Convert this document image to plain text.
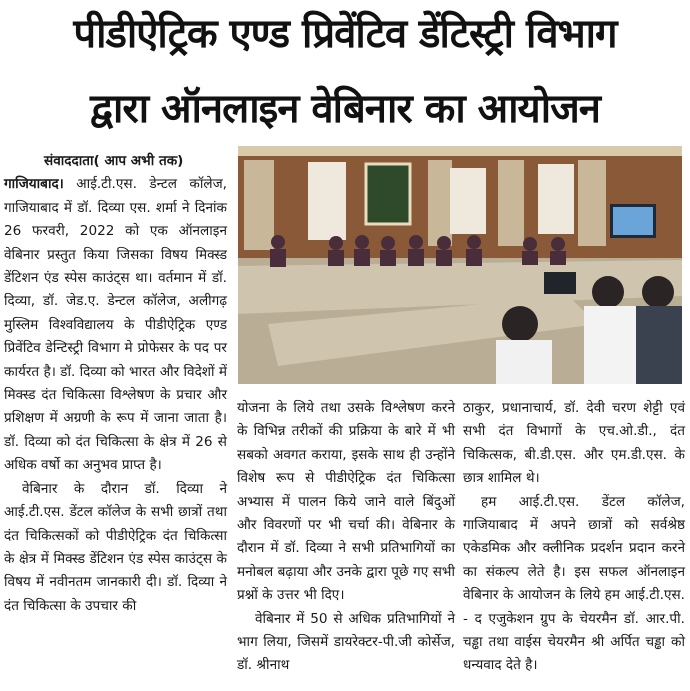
पीडीऐट्रिक एण्ड प्रिवेंटिव डेंटिस्ट्री विभाग
द्वारा ऑनलाइन वेबिनार का आयोजन
संवाददाता( आप अभी तक)

गाजियाबाद। आई.टी.एस. डेन्टल कॉलेज, गाजियाबाद में डॉ. दिव्या एस. शर्मा ने दिनांक 26 फरवरी, 2022 को एक ऑनलाइन वेबिनार प्रस्तुत किया जिसका विषय मिक्स्ड डेंटिशन एंड स्पेस काउंट्स था। वर्तमान में डॉ. दिव्या, डॉ. जेड.ए. डेन्टल कॉलेज, अलीगढ़ मुस्लिम विश्वविद्यालय के पीडीऐट्रिक एण्ड प्रिवेंटिव डेन्टिस्ट्री विभाग मे प्रोफेसर के पद पर कार्यरत है। डॉ. दिव्या को भारत और विदेशों में मिक्स्ड दंत चिकित्सा विश्लेषण के प्रचार और प्रशिक्षण में अग्रणी के रूप में जाना जाता है। डॉ. दिव्या को दंत चिकित्सा के क्षेत्र में 26 से अधिक वर्षो का अनुभव प्राप्त है।

वेबिनार के दौरान डॉ. दिव्या ने आई.टी.एस. डेंटल कॉलेज के सभी छात्रों तथा दंत चिकित्सकों को पीडीऐट्रिक दंत चिकित्सा के क्षेत्र में मिक्स्ड डेंटिशन एंड स्पेस काउंट्स के विषय में नवीनतम जानकारी दी। डॉ. दिव्या ने दंत चिकित्सा के उपचार की

योजना के लिये तथा उसके विश्लेषण करने के विभिन्न तरीकों की प्रक्रिया के बारे में भी सबको अवगत कराया, इसके साथ ही उन्होंने विशेष रूप से पीडीऐट्रिक दंत चिकित्सा अभ्यास में पालन किये जाने वाले बिंदुओं और विवरणों पर भी चर्चा की। वेबिनार के दौरान में डॉ. दिव्या ने सभी प्रतिभागियों का मनोबल बढ़ाया और उनके द्वारा पूछे गए सभी प्रश्नों के उत्तर भी दिए।

वेबिनार में 50 से अधिक प्रतिभागियों ने भाग लिया, जिसमें डायरेक्टर-पी.जी कोर्सेज, डॉ. श्रीनाथ

ठाकुर, प्रधानाचार्य, डॉ. देवी चरण शेट्टी एवं सभी दंत विभागों के एच.ओ.डी., दंत चिकित्सक, बी.डी.एस. और एम.डी.एस. के छात्र शामिल थे।

हम आई.टी.एस. डेंटल कॉलेज, गाजियाबाद में अपने छात्रों को सर्वश्रेष्ठ एकेडमिक और क्लीनिक प्रदर्शन प्रदान करने का संकल्प लेते है। इस सफल ऑनलाइन वेबिनार के आयोजन के लिये हम आई.टी.एस. - द एजुकेशन ग्रुप के चेयरमैन डॉ. आर.पी. चड्ढा तथा वाईस चेयरमैन श्री अर्पित चड्ढा को धन्यवाद देते है।
